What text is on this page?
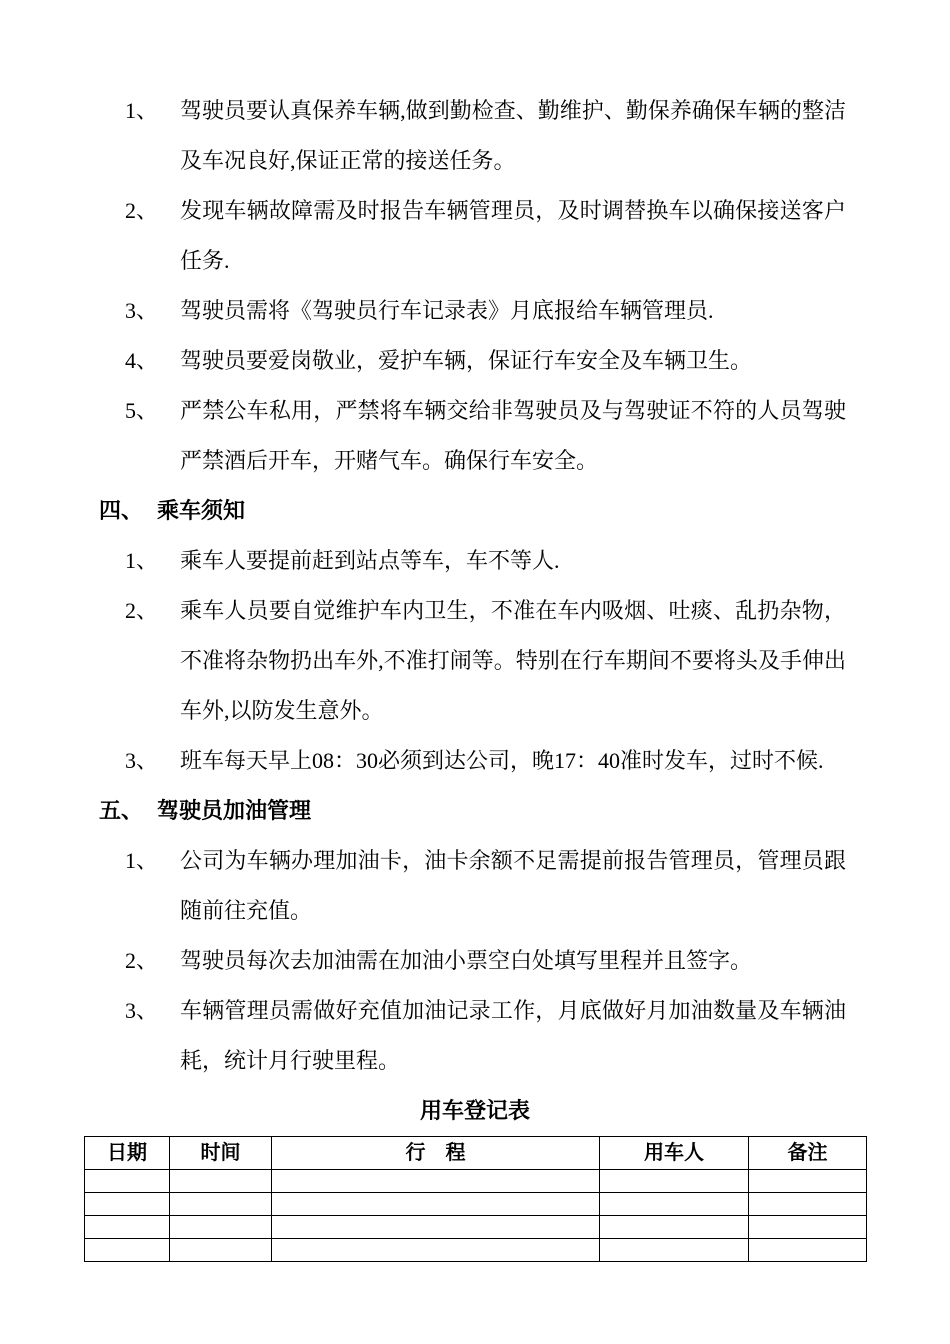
1、 驾驶员要认真保养车辆,做到勤检查、勤维护、勤保养确保车辆的整洁及车况良好,保证正常的接送任务。
2、 发现车辆故障需及时报告车辆管理员，及时调替换车以确保接送客户任务.
3、 驾驶员需将《驾驶员行车记录表》月底报给车辆管理员.
4、 驾驶员要爱岗敬业，爱护车辆，保证行车安全及车辆卫生。
5、 严禁公车私用，严禁将车辆交给非驾驶员及与驾驶证不符的人员驾驶严禁酒后开车，开赌气车。确保行车安全。
四、 乘车须知
1、 乘车人要提前赶到站点等车，车不等人.
2、 乘车人员要自觉维护车内卫生，不准在车内吸烟、吐痰、乱扔杂物，不准将杂物扔出车外,不准打闹等。特别在行车期间不要将头及手伸出车外,以防发生意外。
3、 班车每天早上08：30必须到达公司，晚17：40准时发车，过时不候.
五、 驾驶员加油管理
1、 公司为车辆办理加油卡，油卡余额不足需提前报告管理员，管理员跟随前往充值。
2、 驾驶员每次去加油需在加油小票空白处填写里程并且签字。
3、 车辆管理员需做好充值加油记录工作，月底做好月加油数量及车辆油耗，统计月行驶里程。
用车登记表
日期	时间	行　程	用车人	备注
